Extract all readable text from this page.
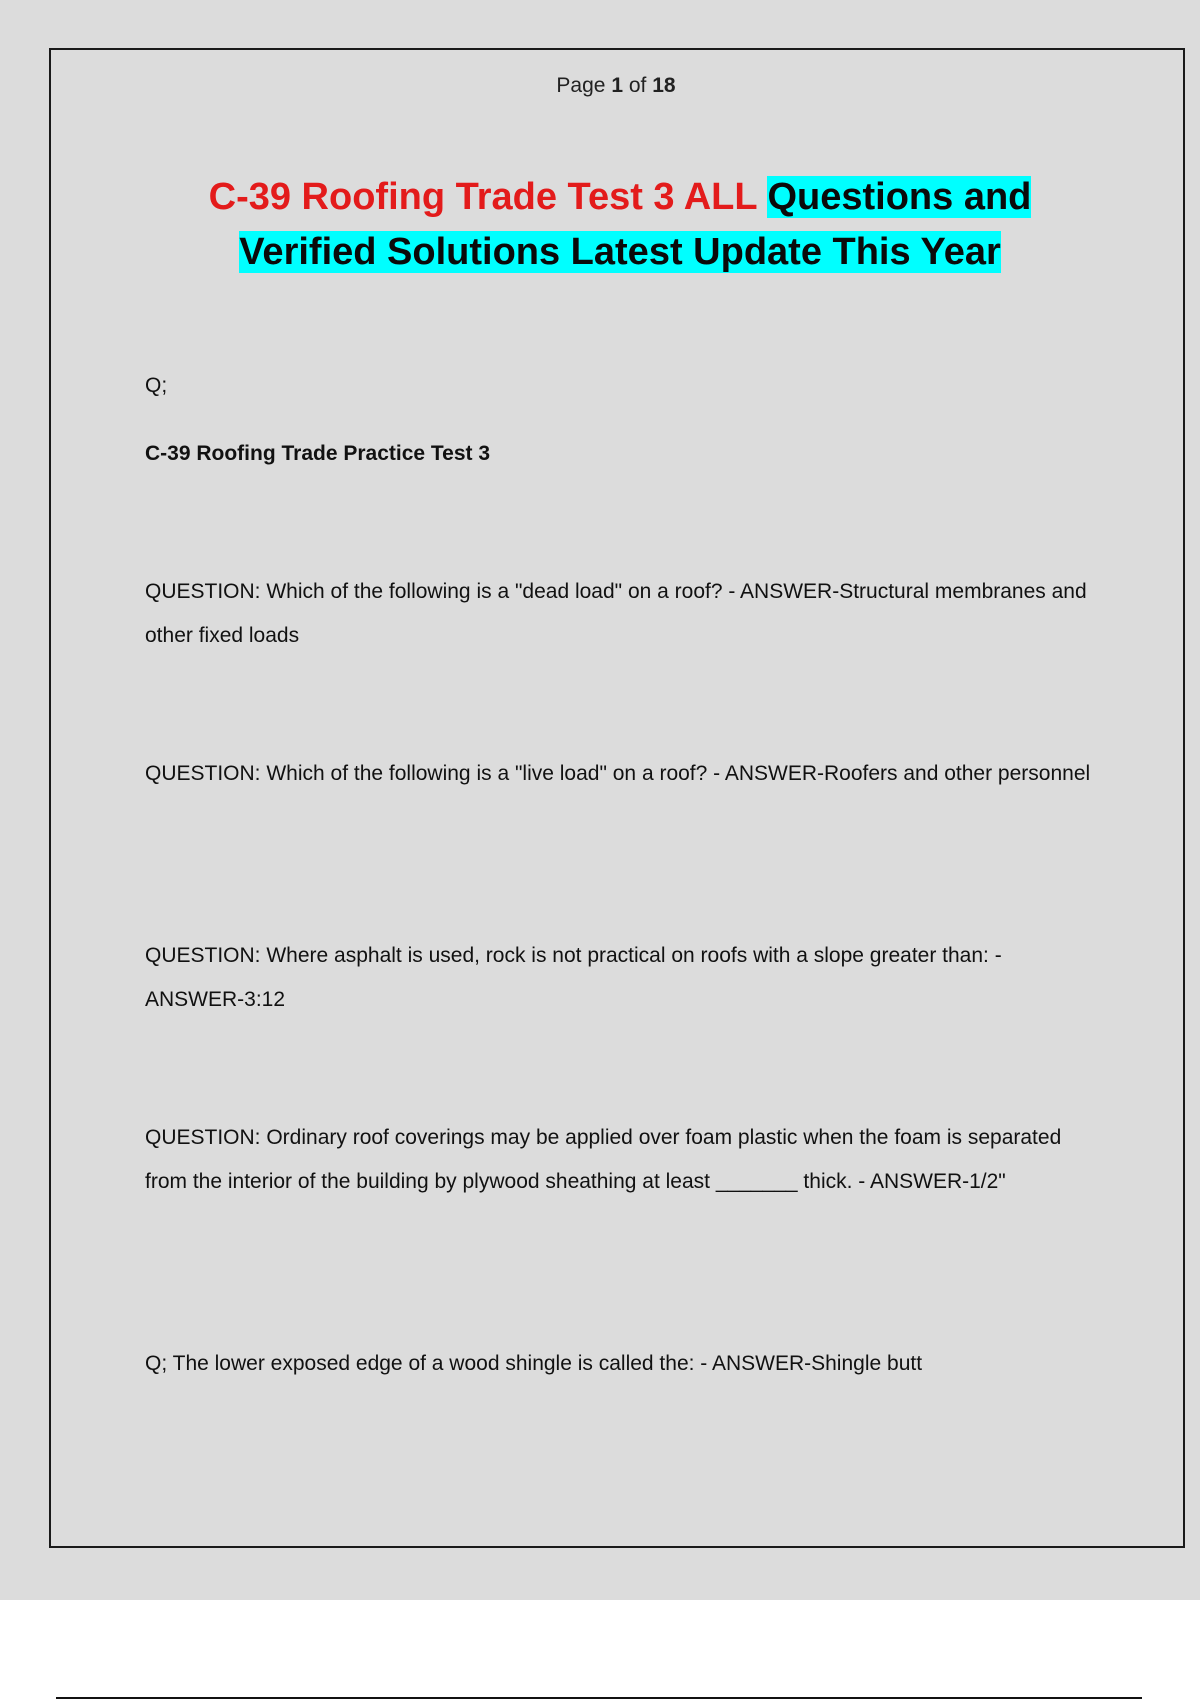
Page 1 of 18
C-39 Roofing Trade Test 3 ALL Questions and
Verified Solutions Latest Update This Year
Q;
C-39 Roofing Trade Practice Test 3
QUESTION: Which of the following is a "dead load" on a roof? - ANSWER-Structural membranes and other fixed loads
QUESTION: Which of the following is a "live load" on a roof? - ANSWER-Roofers and other personnel
QUESTION: Where asphalt is used, rock is not practical on roofs with a slope greater than: - ANSWER-3:12
QUESTION: Ordinary roof coverings may be applied over foam plastic when the foam is separated from the interior of the building by plywood sheathing at least _______ thick. - ANSWER-1/2"
Q; The lower exposed edge of a wood shingle is called the: - ANSWER-Shingle butt
